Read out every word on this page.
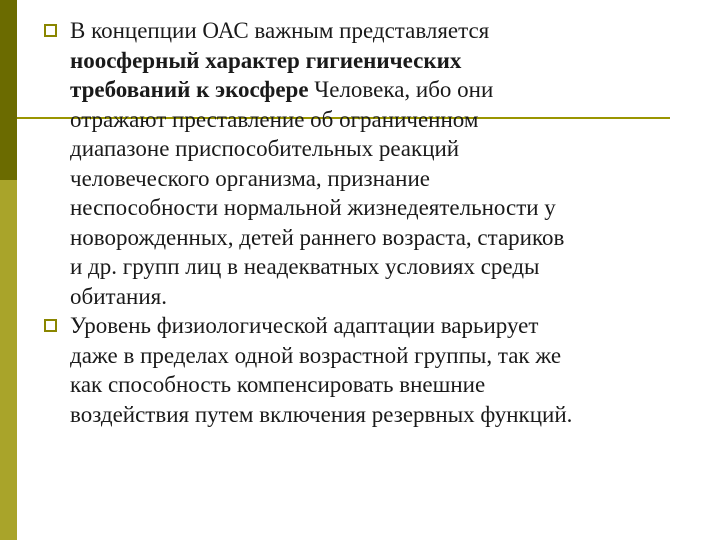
В концепции ОАС важным представляется
ноосферный характер гигиенических
требований к экосфере Человека, ибо они
отражают преставление об ограниченном
диапазоне приспособительных реакций
человеческого организма, признание
неспособности нормальной жизнедеятельности у
новорожденных, детей раннего возраста, стариков
и др. групп лиц в неадекватных условиях среды
обитания.
Уровень физиологической адаптации варьирует
даже в пределах одной возрастной группы, так же
как способность компенсировать внешние
воздействия путем включения резервных функций.
